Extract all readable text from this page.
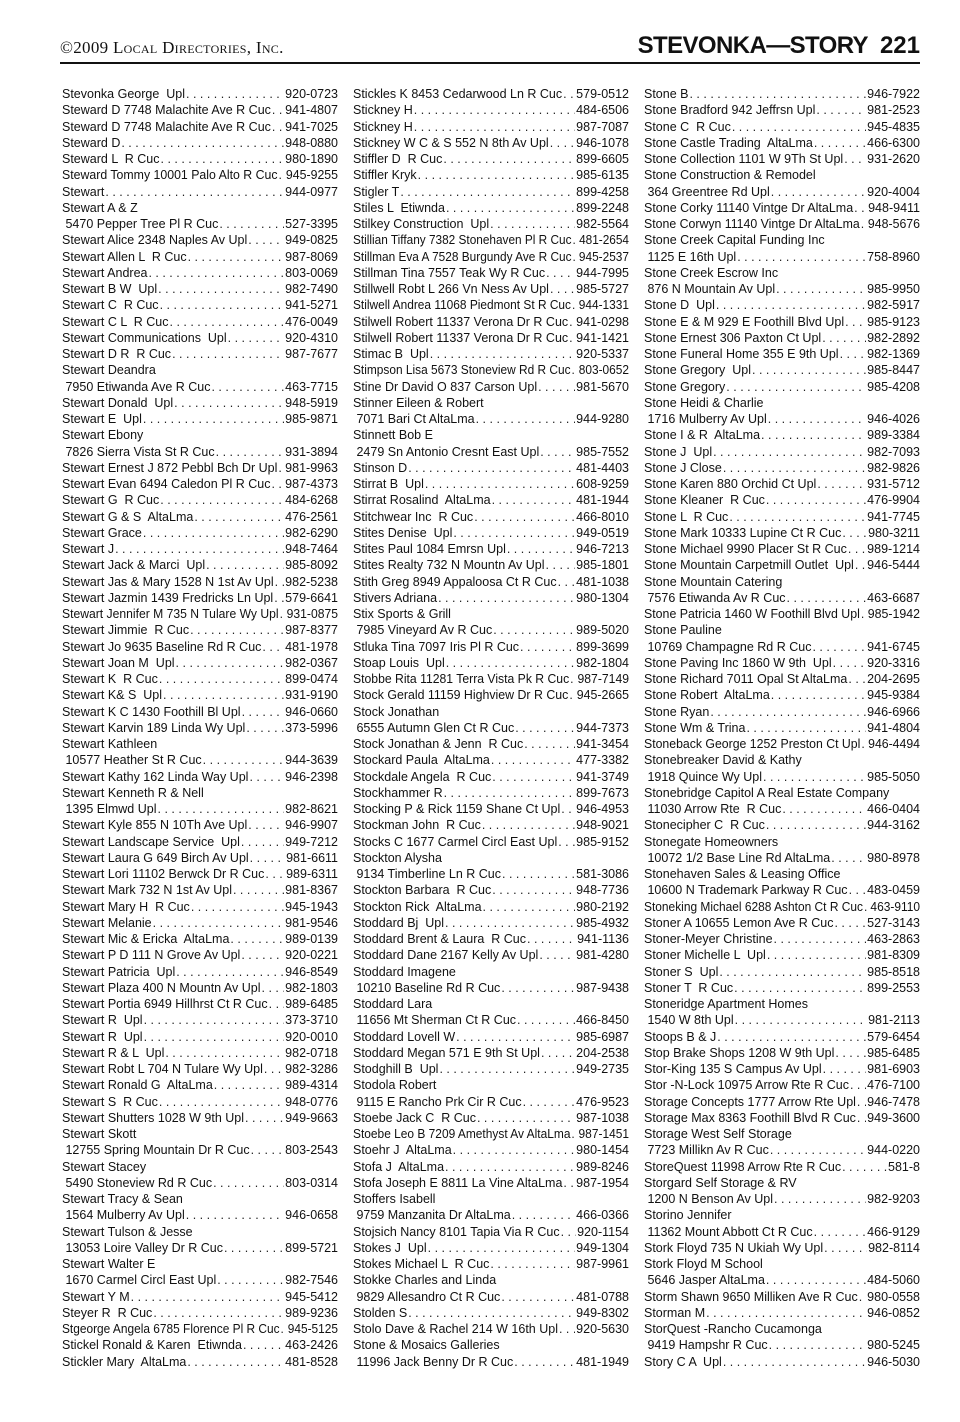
©2009 Local Directories, Inc.	STEVONKA—STORY 221
Stevonka George  Upl . . .	920-0723
Steward D 7748 Malachite Ave R Cuc . . . 941-4807
Steward D 7748 Malachite Ave R Cuc . . . 941-7025
Steward D . . .	948-0880
Steward L  R Cuc . . .	980-1890
Steward Tommy 10001 Palo Alto R Cuc . . . 945-9255
Stewart . . .	944-0977
Stewart A & Z
5470 Pepper Tree Pl R Cuc . . .	527-3395
Stewart Alice 2348 Naples Av Upl . . .	949-0825
Stewart Allen L  R Cuc . . .	987-8069
Stewart Andrea . . .	803-0069
Stewart B W  Upl . . .	982-7490
Stewart C  R Cuc . . .	941-5271
Stewart C L  R Cuc . . .	476-0049
Stewart Communications  Upl . . .	920-4310
Stewart D R  R Cuc . . .	987-7677
Stewart Deandra
7950 Etiwanda Ave R Cuc . . .	463-7715
Stewart Donald  Upl . . .	948-5919
Stewart E  Upl . . .	985-9871
Stewart Ebony
7826 Sierra Vista St R Cuc . . .	931-3894
Stewart Ernest J 872 Pebbl Bch Dr Upl . . . 981-9963
Stewart Evan 6494 Caledon Pl R Cuc . . . 987-4373
Stewart G  R Cuc . . .	484-6268
Stewart G & S  AltaLma . . .	476-2561
Stewart Grace . . .	982-6290
Stewart J . . .	948-7464
Stewart Jack & Marci  Upl . . .	985-8092
Stewart Jas & Mary 1528 N 1st Av Upl . . . 982-5238
Stewart Jazmin 1439 Fredricks Ln Upl . . . 579-6641
Stewart Jennifer M 735 N Tulare Wy Upl . . . 931-0875
Stewart Jimmie  R Cuc . . .	987-8377
Stewart Jo 9635 Baseline Rd R Cuc . . . 481-1978
Stewart Joan M  Upl . . .	982-0367
Stewart K  R Cuc . . .	899-0474
Stewart K& S  Upl . . .	931-9190
Stewart K C 1430 Foothill Bl Upl . . .	946-0660
Stewart Karvin 189 Linda Wy Upl . . .	373-5996
Stewart Kathleen
10577 Heather St R Cuc . . .	944-3639
Stewart Kathy 162 Linda Way Upl . . .	946-2398
Stewart Kenneth R & Nell
1395 Elmwd Upl . . .	982-8621
Stewart Kyle 855 N 10Th Ave Upl . . .	946-9907
Stewart Landscape Service  Upl . . .	949-7212
Stewart Laura G 649 Birch Av Upl . . .	981-6611
Stewart Lori 11102 Berwck Dr R Cuc . . . 989-6311
Stewart Mark 732 N 1st Av Upl . . .	981-8367
Stewart Mary H  R Cuc . . .	945-1943
Stewart Melanie . . .	981-9546
Stewart Mic & Ericka  AltaLma . . .	989-0139
Stewart P D 111 N Grove Av Upl . . .	920-0221
Stewart Patricia  Upl . . .	946-8549
Stewart Plaza 400 N Mountn Av Upl . . . 982-1803
Stewart Portia 6949 Hillhrst Ct R Cuc . . . 989-6485
Stewart R  Upl . . .	373-3710
Stewart R  Upl . . .	920-0010
Stewart R & L  Upl . . .	982-0718
Stewart Robt L 704 N Tulare Wy Upl . . . 982-3286
Stewart Ronald G  AltaLma . . .	989-4314
Stewart S  R Cuc . . .	948-0776
Stewart Shutters 1028 W 9th Upl . . .	949-9663
Stewart Skott
12755 Spring Mountain Dr R Cuc . . .	803-2543
Stewart Stacey
5490 Stoneview Rd R Cuc . . .	803-0314
Stewart Tracy & Sean
1564 Mulberry Av Upl . . .	946-0658
Stewart Tulson & Jesse
13053 Loire Valley Dr R Cuc . . .	899-5721
Stewart Walter E
1670 Carmel Circl East Upl . . .	982-7546
Stewart Y M . . .	945-5412
Steyer R  R Cuc . . .	989-9236
Stgeorge Angela 6785 Florence Pl R Cuc . . . 945-5125
Stickel Ronald & Karen  Etiwnda . . .	463-2426
Stickler Mary  AltaLma . . .	481-8528
Stickles K 8453 Cedarwood Ln R Cuc . . . 579-0512
Stickney H . . .	484-6506
Stickney H . . .	987-7087
Stickney W C & S 552 N 8th Av Upl . . . 946-1078
Stiffler D  R Cuc . . .	899-6605
Stiffler Kryk . . .	985-6135
Stigler T . . .	899-4258
Stiles L  Etiwnda . . .	899-2248
Stilkey Construction  Upl . . .	982-5564
Stillian Tiffany 7382 Stonehaven Pl R Cuc . . . 481-2654
Stillman Eva A 7528 Burgundy Ave R Cuc . . . 945-2537
Stillman Tina 7557 Teak Wy R Cuc . . . 944-7995
Stillwell Robt L 266 Vn Ness Av Upl . . . 985-5727
Stilwell Andrea 11068 Piedmont St R Cuc . . . 944-1331
Stilwell Robert 11337 Verona Dr R Cuc . . . 941-0298
Stilwell Robert 11337 Verona Dr R Cuc . . . 941-1421
Stimac B  Upl . . .	920-5337
Stimpson Lisa 5673 Stoneview Rd R Cuc . . . 803-0652
Stine Dr David O 837 Carson Upl . . .	981-5670
Stinner Eileen & Robert
7071 Bari Ct AltaLma . . .	944-9280
Stinnett Bob E
2479 Sn Antonio Cresnt East Upl . . .	985-7552
Stinson D . . .	481-4403
Stirrat B  Upl . . .	608-9259
Stirrat Rosalind  AltaLma . . .	481-1944
Stitchwear Inc  R Cuc . . .	466-8010
Stites Denise  Upl . . .	949-0519
Stites Paul 1084 Emrsn Upl . . .	946-7213
Stites Realty 732 N Mountn Av Upl . . .	985-1801
Stith Greg 8949 Appaloosa Ct R Cuc . . . 481-1038
Stivers Adriana . . .	980-1304
Stix Sports & Grill
7985 Vineyard Av R Cuc . . .	989-5020
Stluka Tina 7097 Iris Pl R Cuc . . .	899-3699
Stoap Louis  Upl . . .	982-1804
Stobbe Rita 11281 Terra Vista Pk R Cuc . . . 987-7149
Stock Gerald 11159 Highview Dr R Cuc . . . 945-2665
Stock Jonathan
6555 Autumn Glen Ct R Cuc . . .	944-7373
Stock Jonathan & Jenn  R Cuc . . .	941-3454
Stockard Paula  AltaLma . . .	477-3382
Stockdale Angela  R Cuc . . .	941-3749
Stockhammer R . . .	899-7673
Stocking P & Rick 1159 Shane Ct Upl . . . 946-4953
Stockman John  R Cuc . . .	948-9021
Stocks C 1677 Carmel Circl East Upl . . . 985-9152
Stockton Alysha
9134 Timberline Ln R Cuc . . .	581-3086
Stockton Barbara  R Cuc . . .	948-7736
Stockton Rick  AltaLma . . .	980-2192
Stoddard Bj  Upl . . .	985-4932
Stoddard Brent & Laura  R Cuc . . .	941-1136
Stoddard Dane 2167 Kelly Av Upl . . .	981-4280
Stoddard Imagene
10210 Baseline Rd R Cuc . . .	987-9438
Stoddard Lara
11656 Mt Sherman Ct R Cuc . . .	466-8450
Stoddard Lovell W . . .	985-6987
Stoddard Megan 571 E 9th St Upl . . .	204-2538
Stodghill B  Upl . . .	949-2735
Stodola Robert
9115 E Rancho Prk Cir R Cuc . . .	476-9523
Stoebe Jack C  R Cuc . . .	987-1038
Stoebe Leo B 7209 Amethyst Av AltaLma . . . 987-1451
Stoehr J  AltaLma . . .	980-1454
Stofa J  AltaLma . . .	989-8246
Stofa Joseph E 8811 La Vine AltaLma . . . 987-1954
Stoffers Isabell
9759 Manzanita Dr AltaLma . . .	466-0366
Stojsich Nancy 8101 Tapia Via R Cuc . . . 920-1154
Stokes J  Upl . . .	949-1304
Stokes Michael L  R Cuc . . .	987-9961
Stokke Charles and Linda
9829 Allesandro Ct R Cuc . . .	481-0788
Stolden S . . .	949-8302
Stolo Dave & Rachel 214 W 16th Upl . . . 920-5630
Stone & Mosaics Galleries
11996 Jack Benny Dr R Cuc . . .	481-1949
Stone B . . .	946-7922
Stone Bradford 942 Jeffrsn Upl . . .	981-2523
Stone C  R Cuc . . .	945-4835
Stone Castle Trading  AltaLma . . .	466-6300
Stone Collection 1101 W 9Th St Upl . . . 931-2620
Stone Construction & Remodel
364 Greentree Rd Upl . . .	920-4004
Stone Corky 11140 Vintge Dr AltaLma . . . 948-9411
Stone Corwyn 11140 Vintge Dr AltaLma . . . 948-5676
Stone Creek Capital Funding Inc
1125 E 16th Upl . . .	758-8960
Stone Creek Escrow Inc
876 N Mountain Av Upl . . .	985-9950
Stone D  Upl . . .	982-5917
Stone E & M 929 E Foothill Blvd Upl . . . 985-9123
Stone Ernest 306 Paxton Ct Upl . . .	982-2892
Stone Funeral Home 355 E 9th Upl . . . 982-1369
Stone Gregory  Upl . . .	985-8447
Stone Gregory . . .	985-4208
Stone Heidi & Charlie
1716 Mulberry Av Upl . . .	946-4026
Stone I & R  AltaLma . . .	989-3384
Stone J  Upl . . .	982-7093
Stone J Close . . .	982-9826
Stone Karen 880 Orchid Ct Upl . . .	931-5712
Stone Kleaner  R Cuc . . .	476-9904
Stone L  R Cuc . . .	941-7745
Stone Mark 10333 Lupine Ct R Cuc . . . 980-3211
Stone Michael 9990 Placer St R Cuc . . . 989-1214
Stone Mountain Carpetmill Outlet  Upl . . . 946-5444
Stone Mountain Catering
7576 Etiwanda Av R Cuc . . .	463-6687
Stone Patricia 1460 W Foothill Blvd Upl . . . 985-1942
Stone Pauline
10769 Champagne Rd R Cuc . . .	941-6745
Stone Paving Inc 1860 W 9th  Upl . . .	920-3316
Stone Richard 7011 Opal St AltaLma . . . 204-2695
Stone Robert  AltaLma . . .	945-9384
Stone Ryan . . .	946-6966
Stone Wm & Trina . . .	941-4804
Stoneback George 1252 Preston Ct Upl . . . 946-4494
Stonebreaker David & Kathy
1918 Quince Wy Upl . . .	985-5050
Stonebridge Capitol A Real Estate Company
11030 Arrow Rte  R Cuc . . .	466-0404
Stonecipher C  R Cuc . . .	944-3162
Stonegate Homeowners
10072 1/2 Base Line Rd AltaLma . . .	980-8978
Stonehaven Sales & Leasing Office
10600 N Trademark Parkway R Cuc . . . 483-0459
Stoneking Michael 6288 Ashton Ct R Cuc . . . 463-9110
Stoner A 10655 Lemon Ave R Cuc . . .	527-3143
Stoner-Meyer Christine . . .	463-2863
Stoner Michelle L  Upl . . .	981-8309
Stoner S  Upl . . .	985-8518
Stoner T  R Cuc . . .	899-2553
Stoneridge Apartment Homes
1540 W 8th Upl . . .	981-2113
Stoops B & J . . .	579-6454
Stop Brake Shops 1208 W 9th Upl . . .	985-6485
Stor-King 135 S Campus Av Upl . . .	981-6903
Stor -N-Lock 10975 Arrow Rte R Cuc . . . 476-7100
Storage Concepts 1777 Arrow Rte Upl . . . 946-7478
Storage Max 8363 Foothill Blvd R Cuc . . . 949-3600
Storage West Self Storage
7723 Millikn Av R Cuc . . .	944-0220
StoreQuest 11998 Arrow Rte R Cuc . . .	581-8
Storgard Self Storage & RV
1200 N Benson Av Upl . . .	982-9203
Storino Jennifer
11362 Mount Abbott Ct R Cuc . . .	466-9129
Stork Floyd 735 N Ukiah Wy Upl . . .	982-8114
Stork Floyd M School
5646 Jasper AltaLma . . .	484-5060
Storm Shawn 9650 Milliken Ave R Cuc . . . 980-0558
Storman M . . .	946-0852
StorQuest -Rancho Cucamonga
9419 Hampshr R Cuc . . .	980-5245
Story C A  Upl . . .	946-5030
